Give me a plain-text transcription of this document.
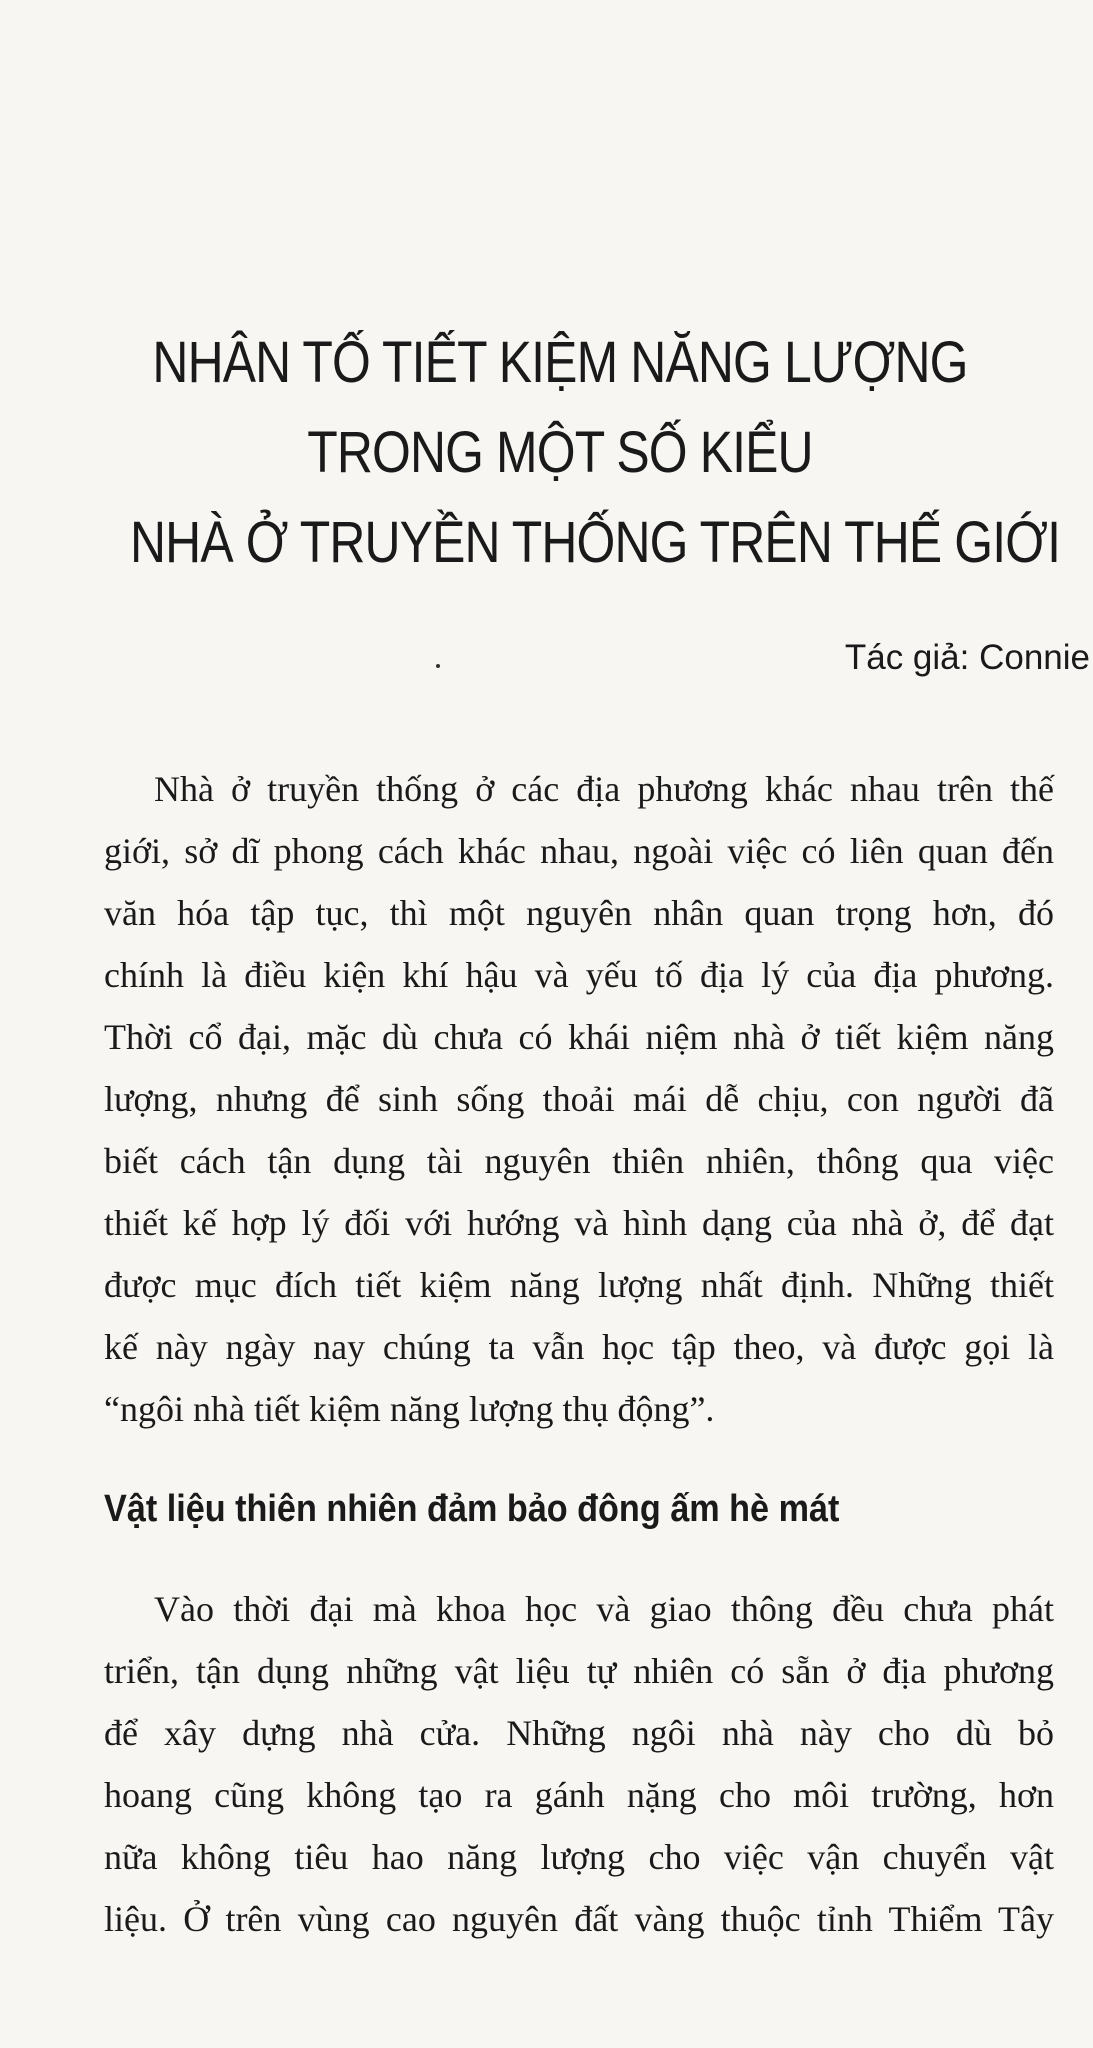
NHÂN TỐ TIẾT KIỆM NĂNG LƯỢNG
TRONG MỘT SỐ KIỂU
NHÀ Ở TRUYỀN THỐNG TRÊN THẾ GIỚI
Tác giả: Connie
Nhà ở truyền thống ở các địa phương khác nhau trên thế
giới, sở dĩ phong cách khác nhau, ngoài việc có liên quan đến
văn hóa tập tục, thì một nguyên nhân quan trọng hơn, đó
chính là điều kiện khí hậu và yếu tố địa lý của địa phương.
Thời cổ đại, mặc dù chưa có khái niệm nhà ở tiết kiệm năng
lượng, nhưng để sinh sống thoải mái dễ chịu, con người đã
biết cách tận dụng tài nguyên thiên nhiên, thông qua việc
thiết kế hợp lý đối với hướng và hình dạng của nhà ở, để đạt
được mục đích tiết kiệm năng lượng nhất định. Những thiết
kế này ngày nay chúng ta vẫn học tập theo, và được gọi là
“ngôi nhà tiết kiệm năng lượng thụ động”.
Vật liệu thiên nhiên đảm bảo đông ấm hè mát
Vào thời đại mà khoa học và giao thông đều chưa phát
triển, tận dụng những vật liệu tự nhiên có sẵn ở địa phương
để xây dựng nhà cửa. Những ngôi nhà này cho dù bỏ
hoang cũng không tạo ra gánh nặng cho môi trường, hơn
nữa không tiêu hao năng lượng cho việc vận chuyển vật
liệu. Ở trên vùng cao nguyên đất vàng thuộc tỉnh Thiểm Tây
